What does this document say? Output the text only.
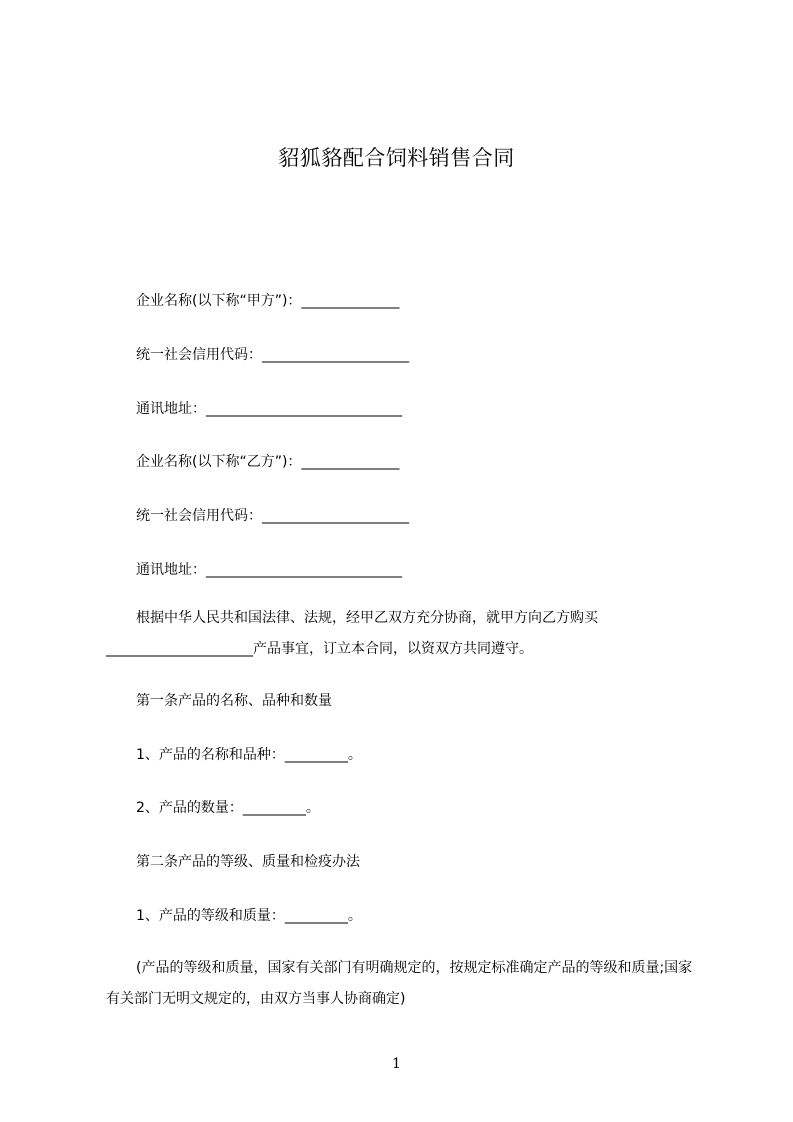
貂狐貉配合饲料销售合同
企业名称(以下称“甲方”)：______________
统一社会信用代码：_____________________
通讯地址：____________________________
企业名称(以下称“乙方”)：______________
统一社会信用代码：_____________________
通讯地址：____________________________
根据中华人民共和国法律、法规，经甲乙双方充分协商，就甲方向乙方购买_____________________产品事宜，订立本合同，以资双方共同遵守。
第一条产品的名称、品种和数量
1、产品的名称和品种：_________。
2、产品的数量：_________。
第二条产品的等级、质量和检疫办法
1、产品的等级和质量：_________。
(产品的等级和质量，国家有关部门有明确规定的，按规定标准确定产品的等级和质量;国家有关部门无明文规定的，由双方当事人协商确定)
1
